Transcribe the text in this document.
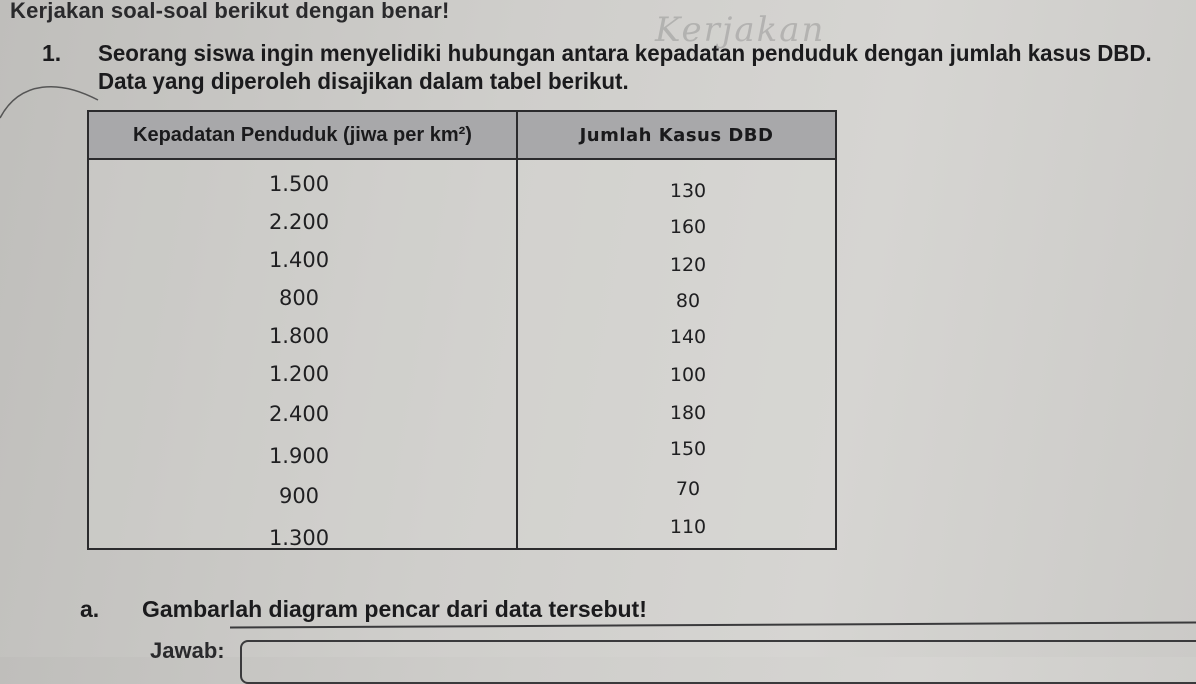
Kerjakan soal-soal berikut dengan benar!	Kerjakan
1. Seorang siswa ingin menyelidiki hubungan antara kepadatan penduduk dengan jumlah kasus DBD.
Data yang diperoleh disajikan dalam tabel berikut.
Kepadatan Penduduk (jiwa per km²)	Jumlah Kasus DBD
1.500
2.200
1.400
800
1.800
1.200
2.400
1.900
900
1.300
130
160
120
80
140
100
180
150
70
110
a. Gambarlah diagram pencar dari data tersebut!
Jawab:
